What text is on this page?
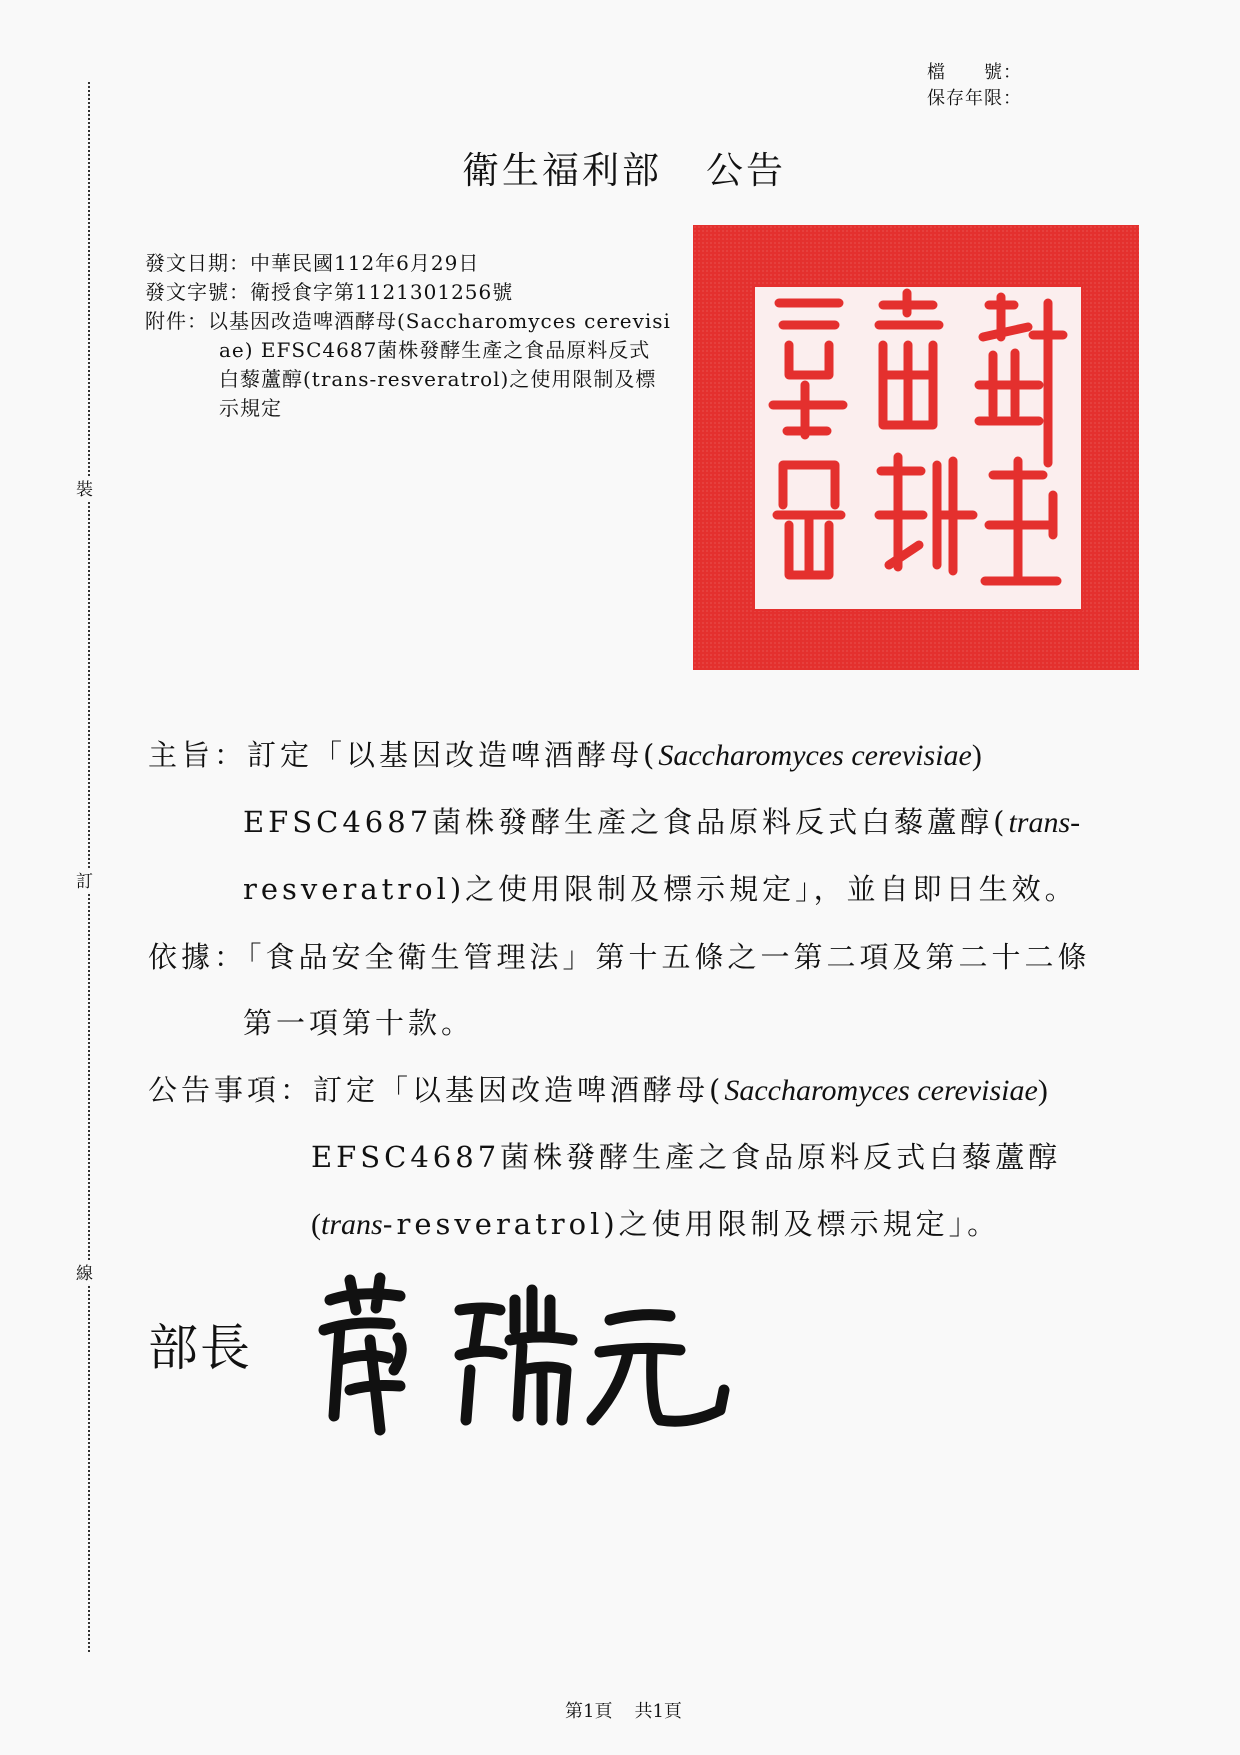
裝
訂
線
檔　　號：
保存年限：
衛生福利部 公告
發文日期：中華民國112年6月29日
發文字號：衛授食字第1121301256號
附件：以基因改造啤酒酵母(Saccharomyces cerevisi
ae) EFSC4687菌株發酵生產之食品原料反式
白藜蘆醇(trans-resveratrol)之使用限制及標
示規定
主旨：訂定「以基因改造啤酒酵母(Saccharomyces cerevisiae)
EFSC4687菌株發酵生產之食品原料反式白藜蘆醇(trans-
resveratrol)之使用限制及標示規定」，並自即日生效。
依據：「食品安全衛生管理法」第十五條之一第二項及第二十二條
第一項第十款。
公告事項：訂定「以基因改造啤酒酵母(Saccharomyces cerevisiae)
EFSC4687菌株發酵生產之食品原料反式白藜蘆醇
(trans-resveratrol)之使用限制及標示規定」。
部長
第1頁 共1頁
